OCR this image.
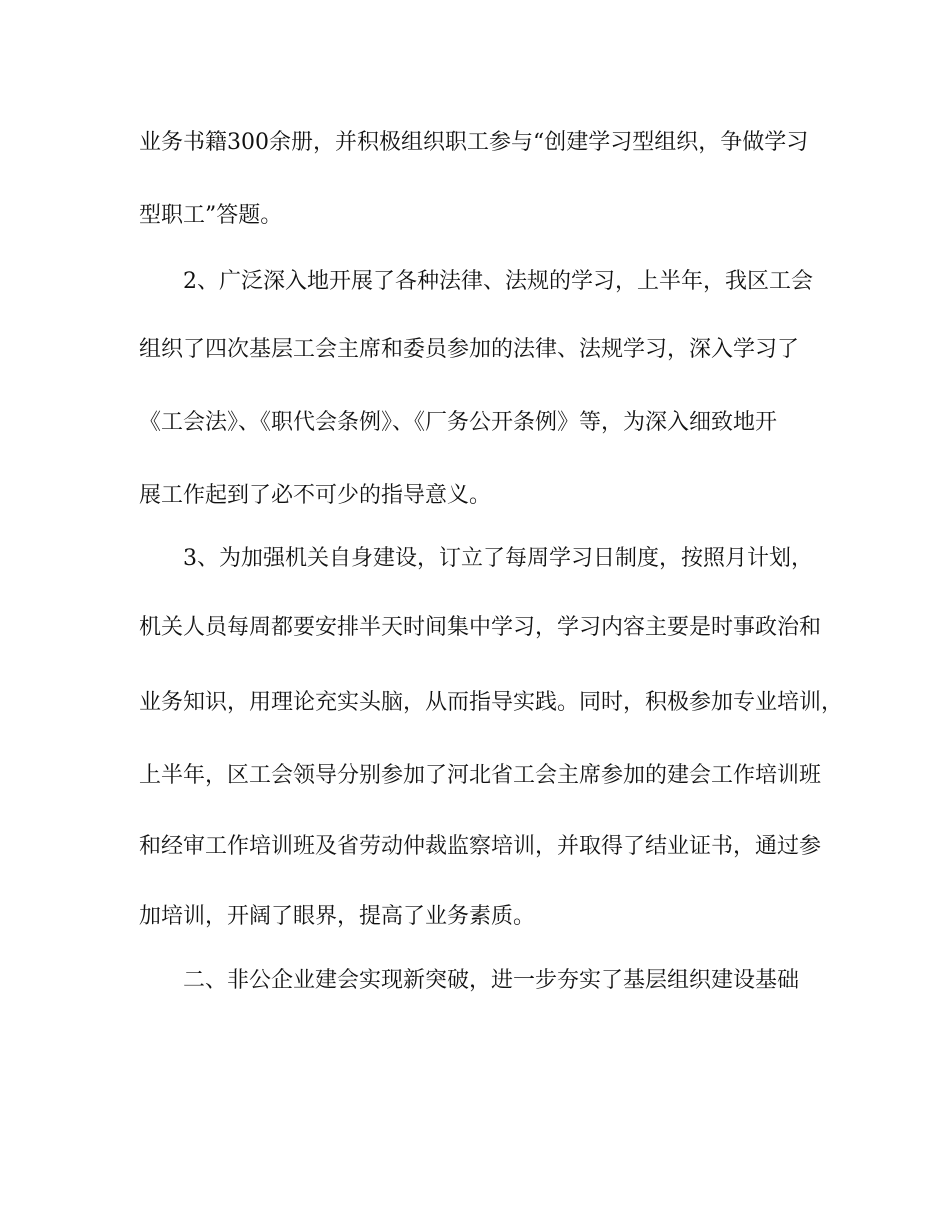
业务书籍300余册，并积极组织职工参与“创建学习型组织，争做学习
型职工”答题。
2、广泛深入地开展了各种法律、法规的学习，上半年，我区工会
组织了四次基层工会主席和委员参加的法律、法规学习，深入学习了
《工会法》、《职代会条例》、《厂务公开条例》等，为深入细致地开
展工作起到了必不可少的指导意义。
3、为加强机关自身建设，订立了每周学习日制度，按照月计划，
机关人员每周都要安排半天时间集中学习，学习内容主要是时事政治和
业务知识，用理论充实头脑，从而指导实践。同时，积极参加专业培训，
上半年，区工会领导分别参加了河北省工会主席参加的建会工作培训班
和经审工作培训班及省劳动仲裁监察培训，并取得了结业证书，通过参
加培训，开阔了眼界，提高了业务素质。
二、非公企业建会实现新突破，进一步夯实了基层组织建设基础
